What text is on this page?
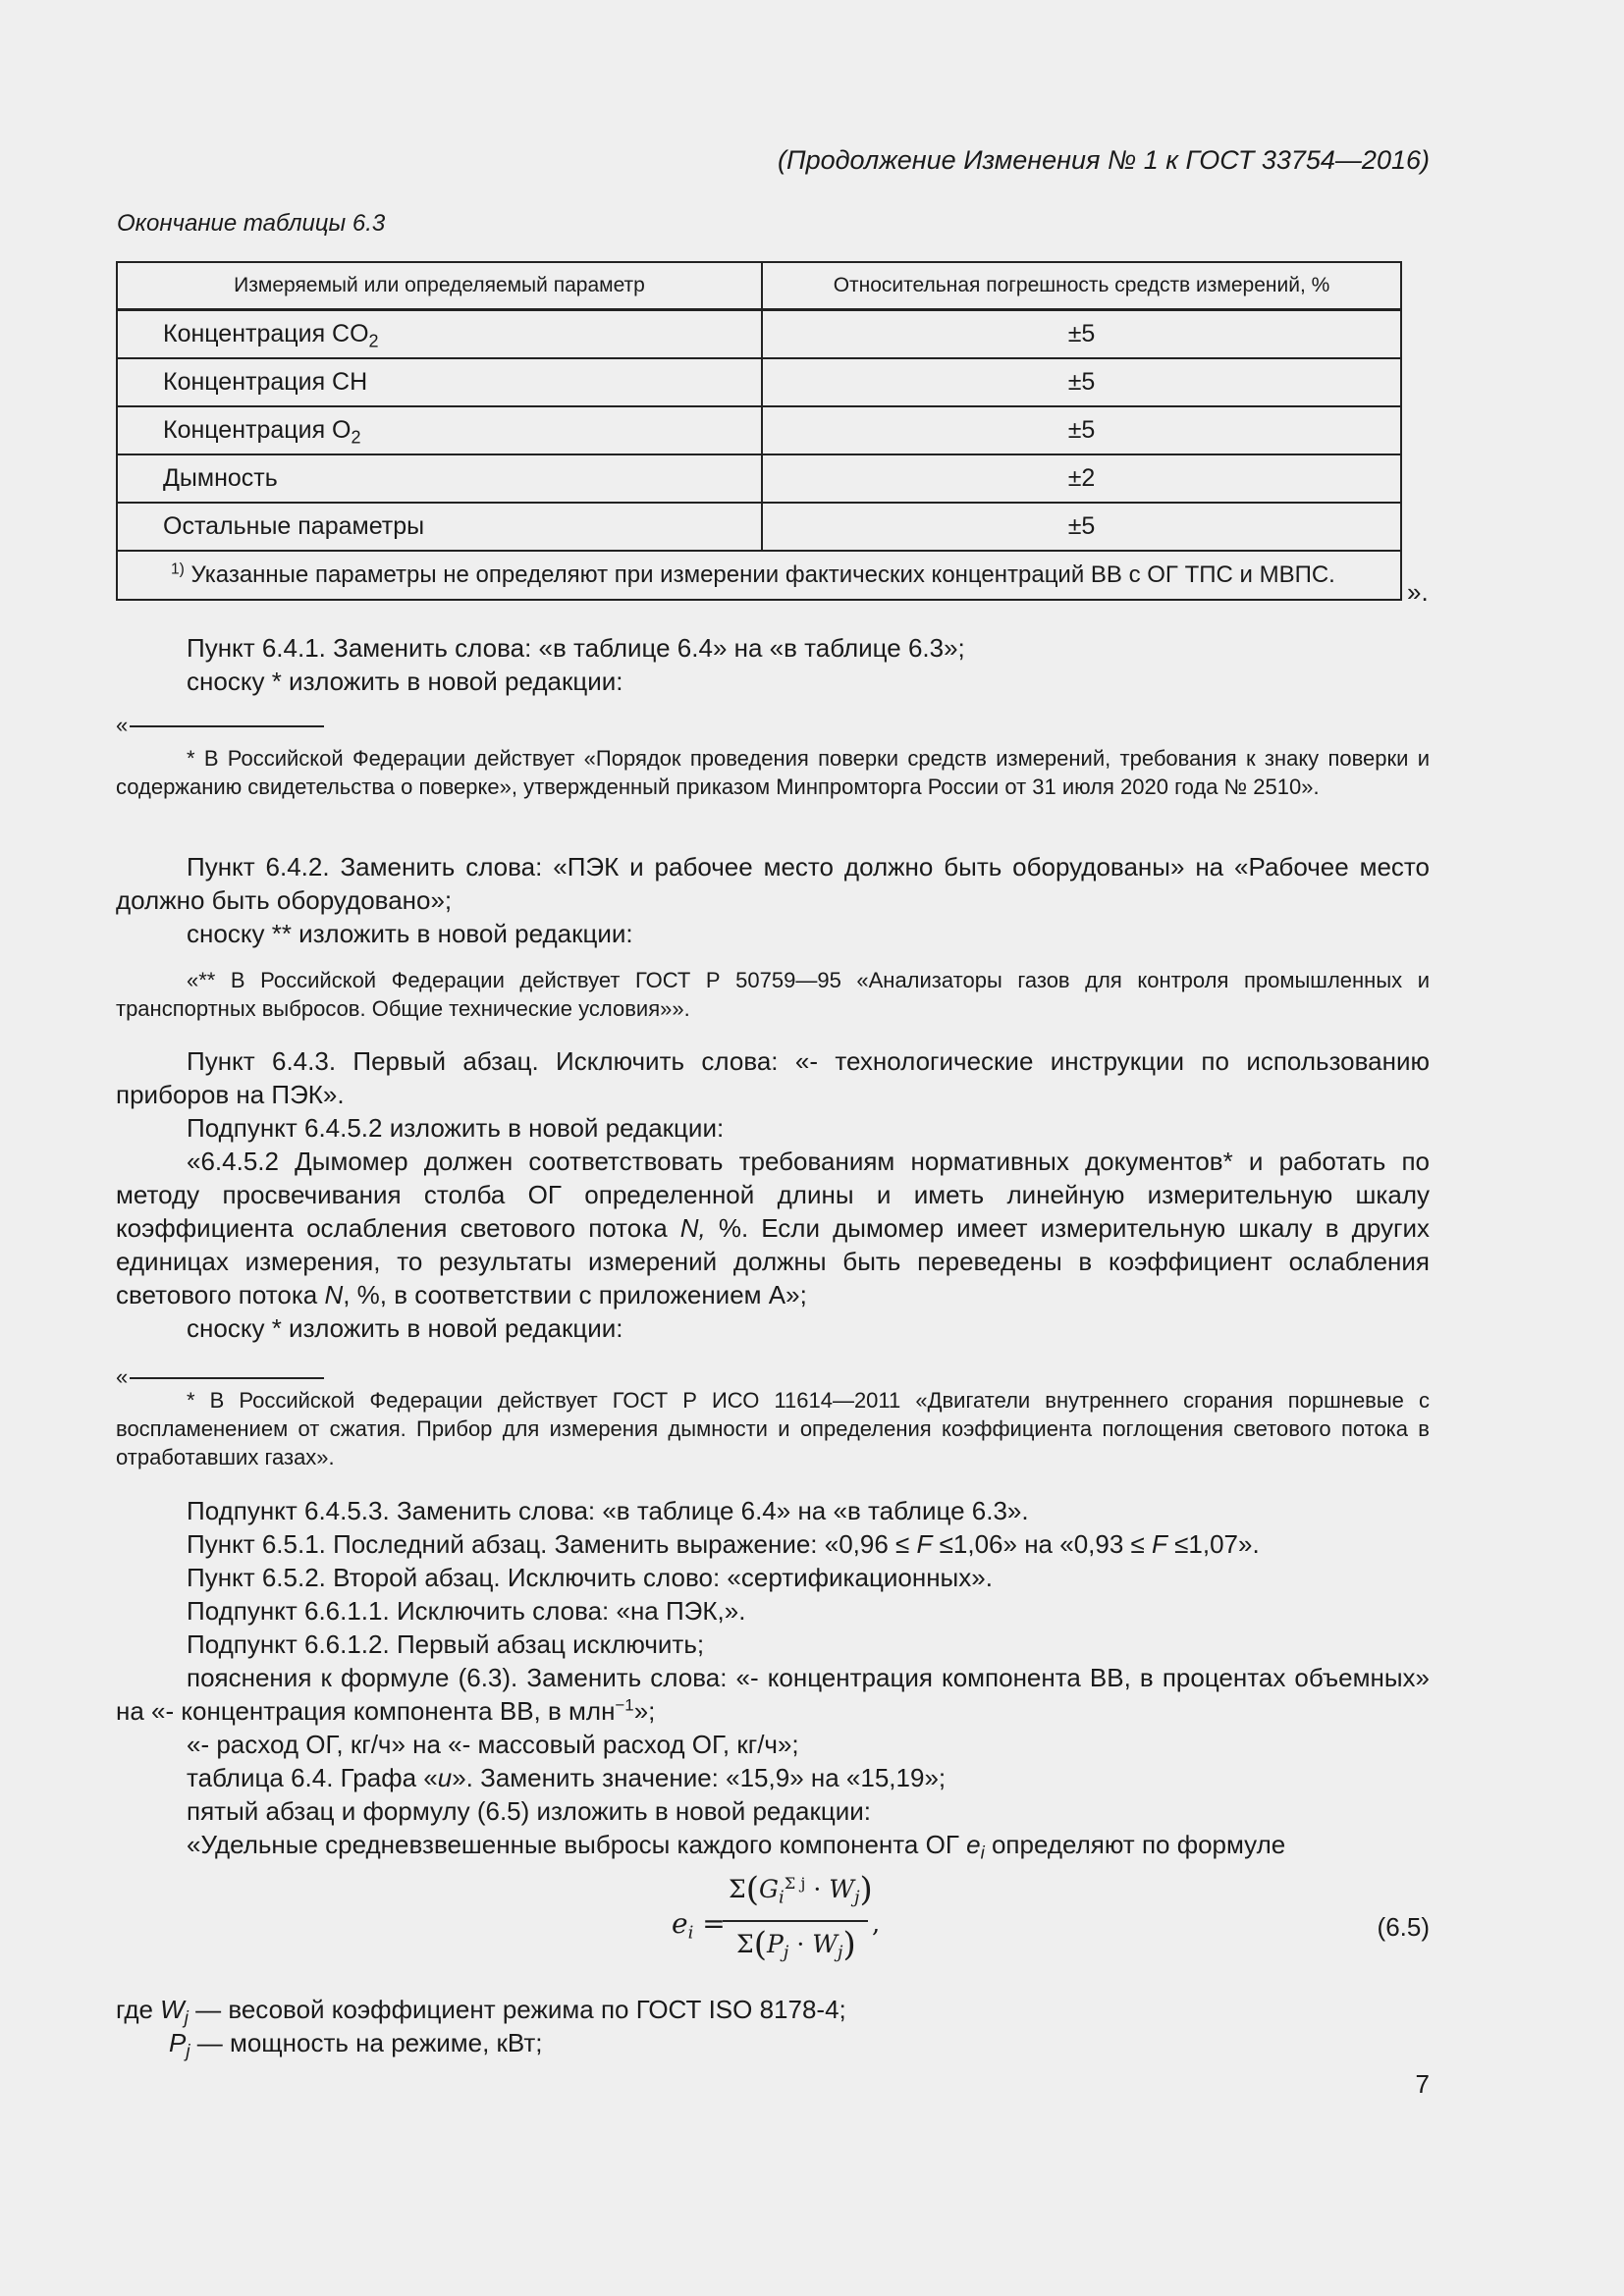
(Продолжение Изменения № 1 к ГОСТ 33754—2016)
Окончание таблицы 6.3
Измеряемый или определяемый параметр	Относительная погрешность средств измерений, %
Концентрация $CO_2$	±5
Концентрация CH	±5
Концентрация $O_2$	±5
Дымность	±2
Остальные параметры	±5
$^{1)}$ Указанные параметры не определяют при измерении фактических концентраций ВВ с ОГ ТПС и МВПС.	
».

Пункт 6.4.1. Заменить слова: «в таблице 6.4» на «в таблице 6.3»;

сноску * изложить в новой редакции:

«

* В Российской Федерации действует «Порядок проведения поверки средств измерений, требования к знаку поверки и содержанию свидетельства о поверке», утвержденный приказом Минпромторга России от 31 июля 2020 года № 2510».

Пункт 6.4.2. Заменить слова: «ПЭК и рабочее место должно быть оборудованы» на «Рабочее место должно быть оборудовано»;

сноску ** изложить в новой редакции:

«** В Российской Федерации действует ГОСТ Р 50759—95 «Анализаторы газов для контроля промышленных и транспортных выбросов. Общие технические условия»».

Пункт 6.4.3. Первый абзац. Исключить слова: «- технологические инструкции по использованию приборов на ПЭК».

Подпункт 6.4.5.2 изложить в новой редакции:

«6.4.5.2 Дымомер должен соответствовать требованиям нормативных документов* и работать по методу просвечивания столба ОГ определенной длины и иметь линейную измерительную шкалу коэффициента ослабления светового потока N, %. Если дымомер имеет измерительную шкалу в других единицах измерения, то результаты измерений должны быть переведены в коэффициент ослабления светового потока N, %, в соответствии с приложением А»;

сноску * изложить в новой редакции:

«

* В Российской Федерации действует ГОСТ Р ИСО 11614—2011 «Двигатели внутреннего сгорания поршневые с воспламенением от сжатия. Прибор для измерения дымности и определения коэффициента поглощения светового потока в отработавших газах».

Подпункт 6.4.5.3. Заменить слова: «в таблице 6.4» на «в таблице 6.3».

Пункт 6.5.1. Последний абзац. Заменить выражение: «0,96 ≤ F ≤1,06» на «0,93 ≤ F ≤1,07».

Пункт 6.5.2. Второй абзац. Исключить слово: «сертификационных».

Подпункт 6.6.1.1. Исключить слова: «на ПЭК,».

Подпункт 6.6.1.2. Первый абзац исключить;

пояснения к формуле (6.3). Заменить слова: «- концентрация компонента ВВ, в процентах объемных» на «- концентрация компонента ВВ, в млн$^{-1}$»;

«- расход ОГ, кг/ч» на «- массовый расход ОГ, кг/ч»;

таблица 6.4. Графа «u». Заменить значение: «15,9» на «15,19»;

пятый абзац и формулу (6.5) изложить в новой редакции:

«Удельные средневзвешенные выбросы каждого компонента ОГ $e_i$ определяют по формуле

$e_i$ =
$\Sigma(G_i^{\Sigma j} \cdot W_j)$
$\Sigma(P_j \cdot W_j)$
,	(6.5)
где $W_j$ — весовой коэффициент режима по ГОСТ ISO 8178-4;
$P_j$ — мощность на режиме, кВт;
7
